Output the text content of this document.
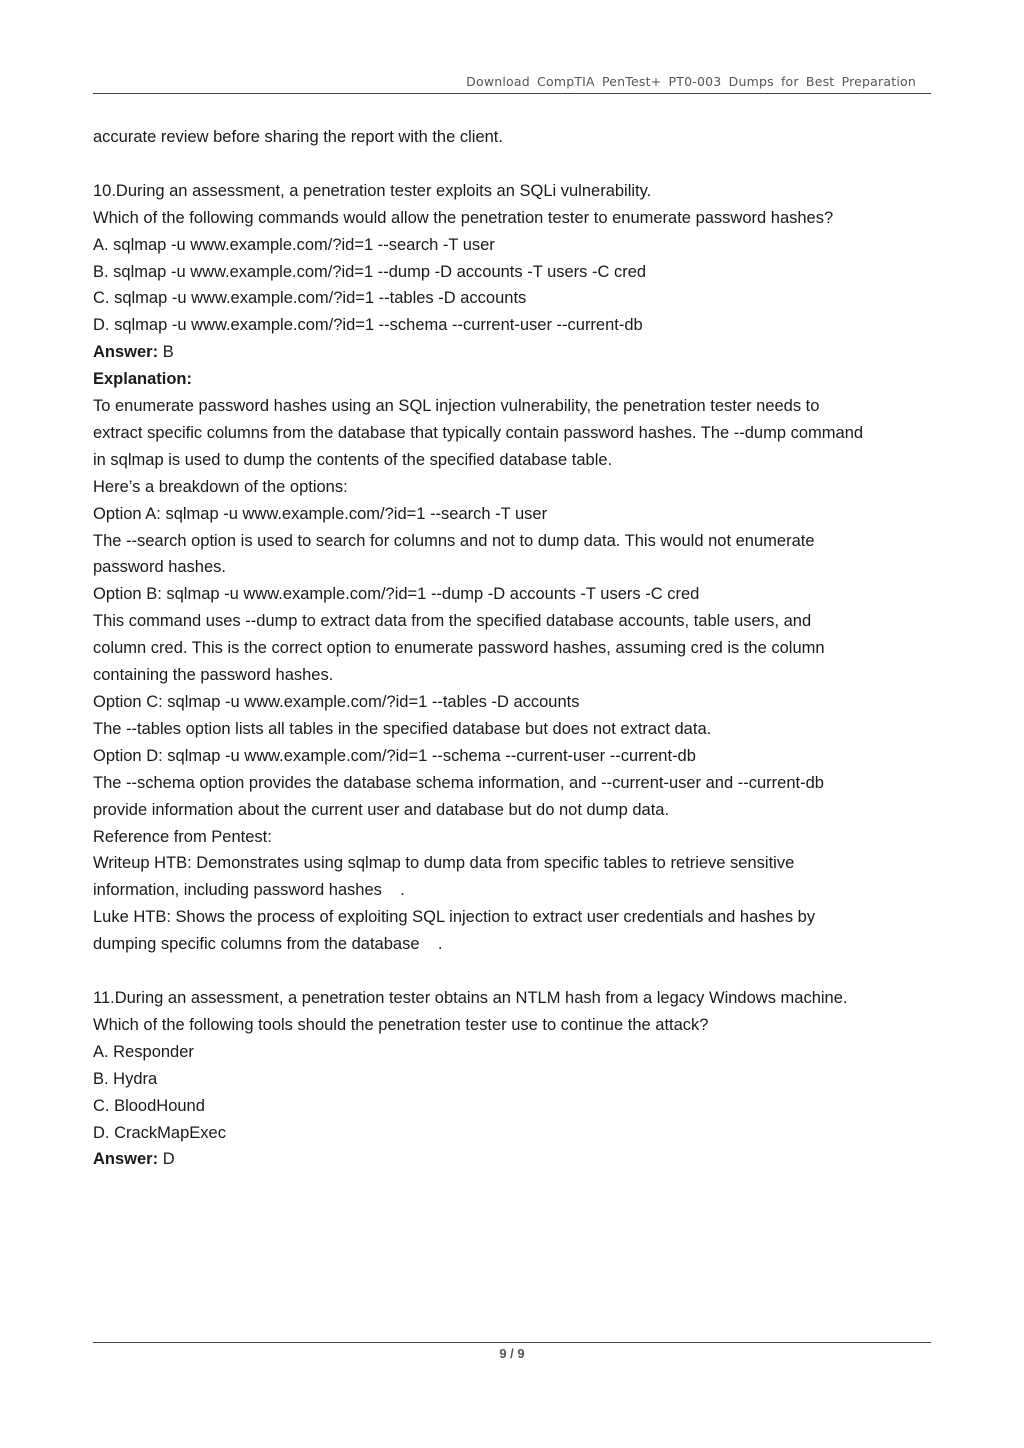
Download CompTIA PenTest+ PT0-003 Dumps for Best Preparation
accurate review before sharing the report with the client.
10.During an assessment, a penetration tester exploits an SQLi vulnerability.
Which of the following commands would allow the penetration tester to enumerate password hashes?
A. sqlmap -u www.example.com/?id=1 --search -T user
B. sqlmap -u www.example.com/?id=1 --dump -D accounts -T users -C cred
C. sqlmap -u www.example.com/?id=1 --tables -D accounts
D. sqlmap -u www.example.com/?id=1 --schema --current-user --current-db
Answer: B
Explanation:
To enumerate password hashes using an SQL injection vulnerability, the penetration tester needs to
extract specific columns from the database that typically contain password hashes. The --dump command
in sqlmap is used to dump the contents of the specified database table.
Here’s a breakdown of the options:
Option A: sqlmap -u www.example.com/?id=1 --search -T user
The --search option is used to search for columns and not to dump data. This would not enumerate
password hashes.
Option B: sqlmap -u www.example.com/?id=1 --dump -D accounts -T users -C cred
This command uses --dump to extract data from the specified database accounts, table users, and
column cred. This is the correct option to enumerate password hashes, assuming cred is the column
containing the password hashes.
Option C: sqlmap -u www.example.com/?id=1 --tables -D accounts
The --tables option lists all tables in the specified database but does not extract data.
Option D: sqlmap -u www.example.com/?id=1 --schema --current-user --current-db
The --schema option provides the database schema information, and --current-user and --current-db
provide information about the current user and database but do not dump data.
Reference from Pentest:
Writeup HTB: Demonstrates using sqlmap to dump data from specific tables to retrieve sensitive
information, including password hashes    .
Luke HTB: Shows the process of exploiting SQL injection to extract user credentials and hashes by
dumping specific columns from the database    .
11.During an assessment, a penetration tester obtains an NTLM hash from a legacy Windows machine.
Which of the following tools should the penetration tester use to continue the attack?
A. Responder
B. Hydra
C. BloodHound
D. CrackMapExec
Answer: D
9 / 9
